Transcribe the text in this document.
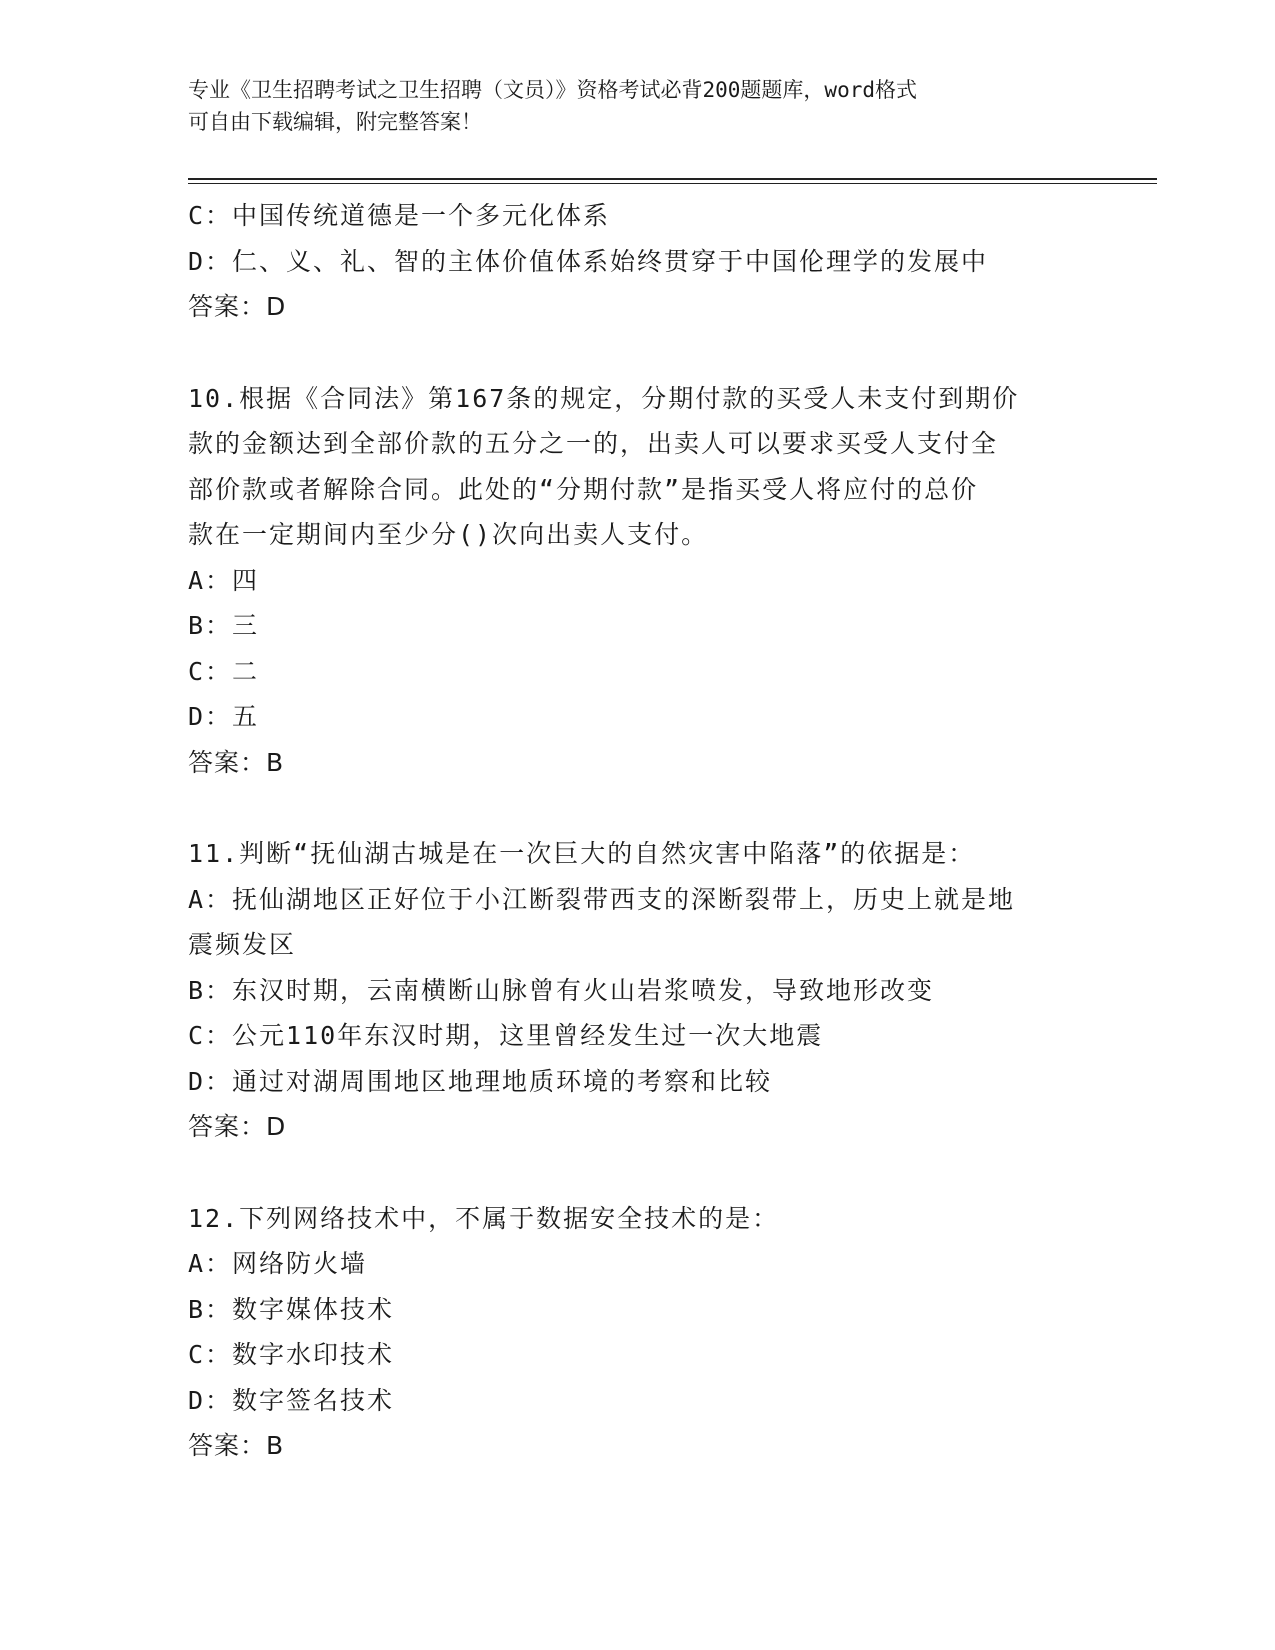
专业《卫生招聘考试之卫生招聘（文员）》资格考试必背200题题库，word格式
可自由下载编辑，附完整答案！
C：中国传统道德是一个多元化体系
D：仁、义、礼、智的主体价值体系始终贯穿于中国伦理学的发展中
答案：D
10.根据《合同法》第167条的规定，分期付款的买受人未支付到期价
款的金额达到全部价款的五分之一的，出卖人可以要求买受人支付全
部价款或者解除合同。此处的“分期付款”是指买受人将应付的总价
款在一定期间内至少分()次向出卖人支付。
A：四
B：三
C：二
D：五
答案：B
11.判断“抚仙湖古城是在一次巨大的自然灾害中陷落”的依据是：
A：抚仙湖地区正好位于小江断裂带西支的深断裂带上，历史上就是地
震频发区
B：东汉时期，云南横断山脉曾有火山岩浆喷发，导致地形改变
C：公元110年东汉时期，这里曾经发生过一次大地震
D：通过对湖周围地区地理地质环境的考察和比较
答案：D
12.下列网络技术中，不属于数据安全技术的是：
A：网络防火墙
B：数字媒体技术
C：数字水印技术
D：数字签名技术
答案：B
